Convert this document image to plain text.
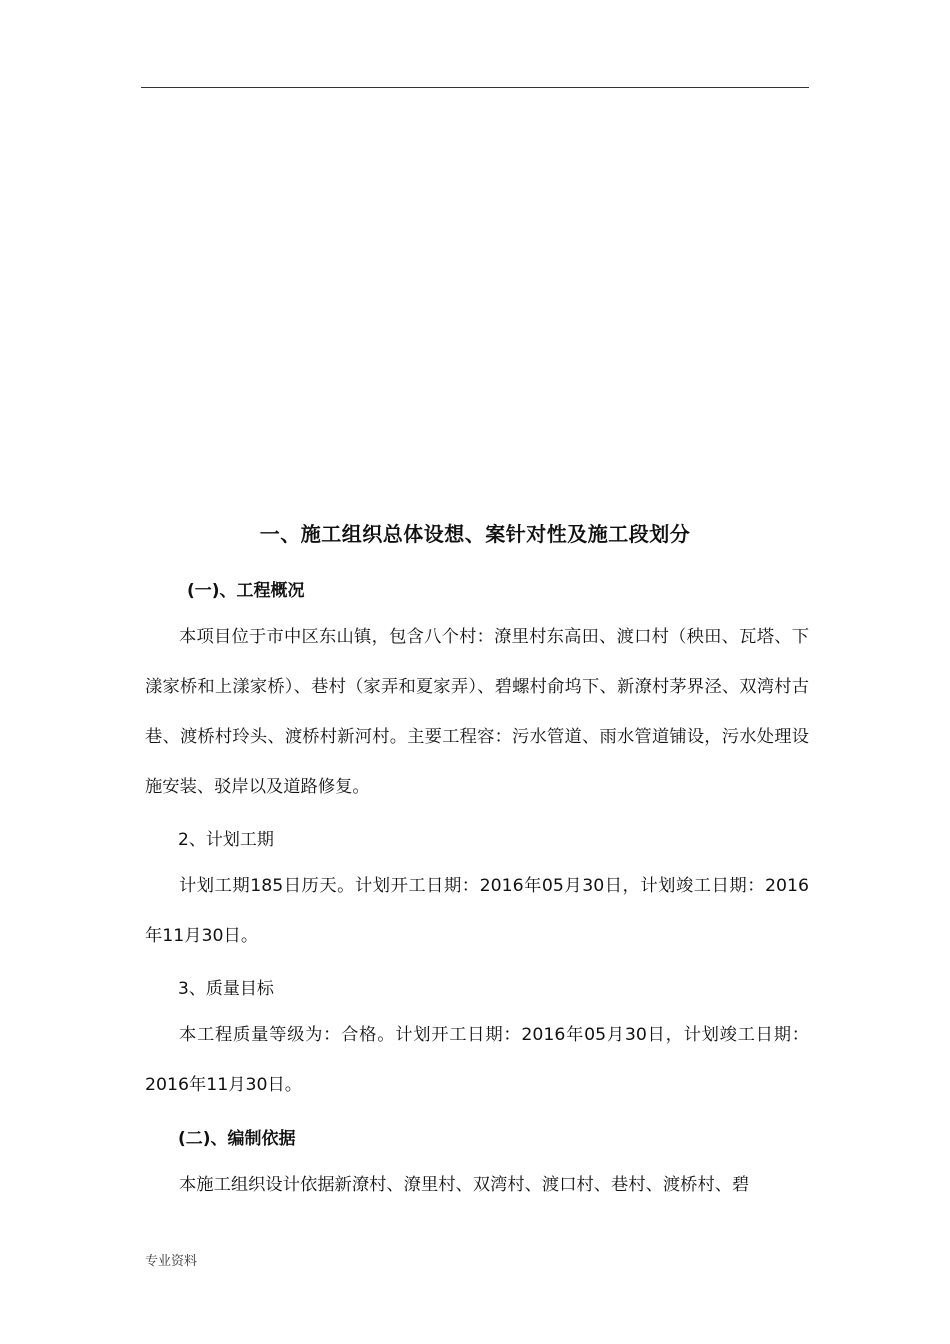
一、施工组织总体设想、案针对性及施工段划分
(一)、工程概况

本项目位于市中区东山镇，包含八个村：潦里村东高田、渡口村（秧田、瓦塔、下漾家桥和上漾家桥）、巷村（家弄和夏家弄）、碧螺村俞坞下、新潦村茅界泾、双湾村古巷、渡桥村玲头、渡桥村新河村。主要工程容：污水管道、雨水管道铺设，污水处理设施安装、驳岸以及道路修复。

2、计划工期

计划工期185日历天。计划开工日期：2016年05月30日，计划竣工日期：2016年11月30日。

3、质量目标

本工程质量等级为：合格。计划开工日期：2016年05月30日，计划竣工日期：2016年11月30日。

(二)、编制依据

本施工组织设计依据新潦村、潦里村、双湾村、渡口村、巷村、渡桥村、碧

专业资料
